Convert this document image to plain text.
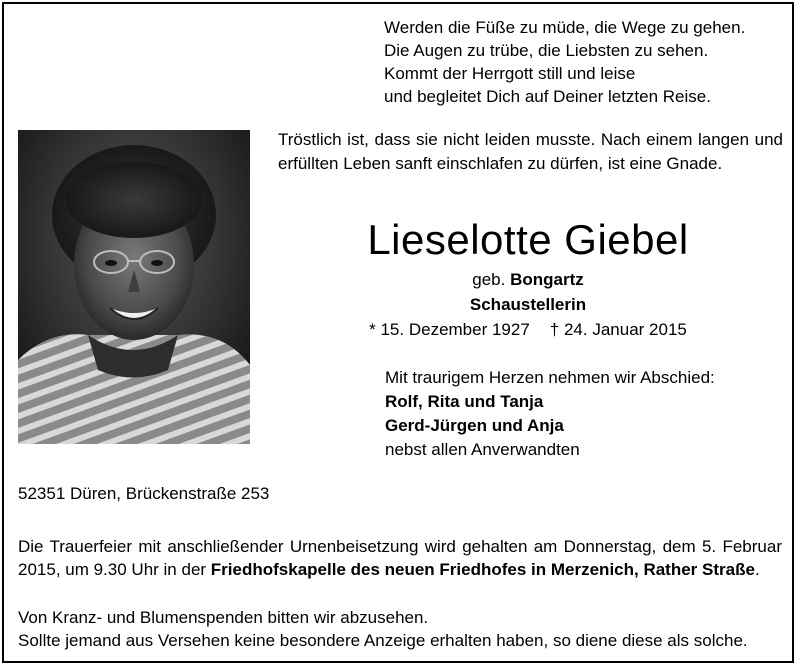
Werden die Füße zu müde, die Wege zu gehen.
Die Augen zu trübe, die Liebsten zu sehen.
Kommt der Herrgott still und leise
und begleitet Dich auf Deiner letzten Reise.
Tröstlich ist, dass sie nicht leiden musste. Nach einem langen und erfüllten Leben sanft einschlafen zu dürfen, ist eine Gnade.
Lieselotte Giebel
geb. Bongartz
Schaustellerin
* 15. Dezember 1927 † 24. Januar 2015
Mit traurigem Herzen nehmen wir Abschied:
Rolf, Rita und Tanja
Gerd-Jürgen und Anja
nebst allen Anverwandten
52351 Düren, Brückenstraße 253
Die Trauerfeier mit anschließender Urnenbeisetzung wird gehalten am Donnerstag, dem 5. Februar 2015, um 9.30 Uhr in der Friedhofskapelle des neuen Friedhofes in Merzenich, Rather Straße.
Von Kranz- und Blumenspenden bitten wir abzusehen.
Sollte jemand aus Versehen keine besondere Anzeige erhalten haben, so diene diese als solche.
